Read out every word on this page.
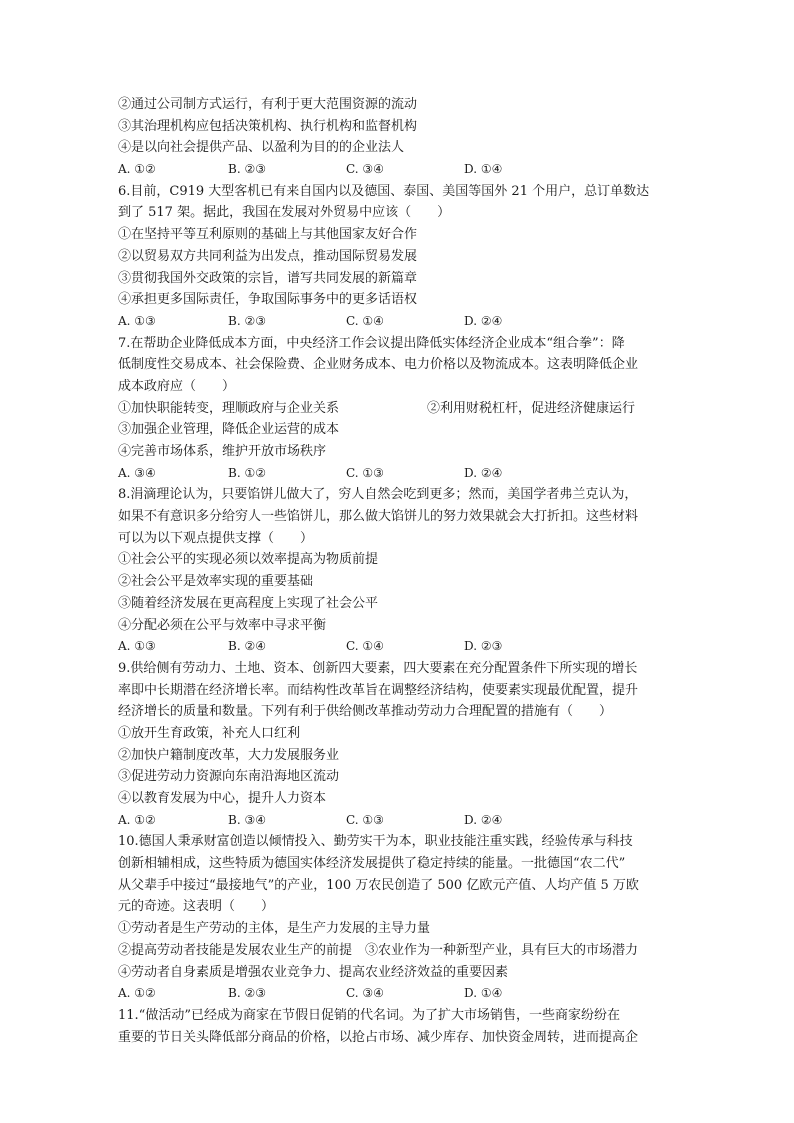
②通过公司制方式运行，有利于更大范围资源的流动
③其治理机构应包括决策机构、执行机构和监督机构
④是以向社会提供产品、以盈利为目的的企业法人
A. ①②	B. ②③	C. ③④	D. ①④
6.目前，C919 大型客机已有来自国内以及德国、泰国、美国等国外 21 个用户，总订单数达
到了 517 架。据此，我国在发展对外贸易中应该（　　）
①在坚持平等互利原则的基础上与其他国家友好合作
②以贸易双方共同利益为出发点，推动国际贸易发展
③贯彻我国外交政策的宗旨，谱写共同发展的新篇章
④承担更多国际责任，争取国际事务中的更多话语权
A. ①③	B. ②③	C. ①④	D. ②④
7.在帮助企业降低成本方面，中央经济工作会议提出降低实体经济企业成本“组合拳”：降
低制度性交易成本、社会保险费、企业财务成本、电力价格以及物流成本。这表明降低企业
成本政府应（　　）
①加快职能转变，理顺政府与企业关系	②利用财税杠杆，促进经济健康运行
③加强企业管理，降低企业运营的成本
④完善市场体系，维护开放市场秩序
A. ③④	B. ①②	C. ①③	D. ②④
8.涓滴理论认为，只要馅饼儿做大了，穷人自然会吃到更多；然而，美国学者弗兰克认为，
如果不有意识多分给穷人一些馅饼儿，那么做大馅饼儿的努力效果就会大打折扣。这些材料
可以为以下观点提供支撑（　　）
①社会公平的实现必须以效率提高为物质前提
②社会公平是效率实现的重要基础
③随着经济发展在更高程度上实现了社会公平
④分配必须在公平与效率中寻求平衡
A. ①③	B. ②④	C. ①④	D. ②③
9.供给侧有劳动力、土地、资本、创新四大要素，四大要素在充分配置条件下所实现的增长
率即中长期潜在经济增长率。而结构性改革旨在调整经济结构，使要素实现最优配置，提升
经济增长的质量和数量。下列有利于供给侧改革推动劳动力合理配置的措施有（　　）
①放开生育政策，补充人口红利
②加快户籍制度改革，大力发展服务业
③促进劳动力资源向东南沿海地区流动
④以教育发展为中心，提升人力资本
A. ①②	B. ③④	C. ①③	D. ②④
10.德国人秉承财富创造以倾情投入、勤劳实干为本，职业技能注重实践，经验传承与科技
创新相辅相成，这些特质为德国实体经济发展提供了稳定持续的能量。一批德国“农二代”
从父辈手中接过“最接地气”的产业，100 万农民创造了 500 亿欧元产值、人均产值 5 万欧
元的奇迹。这表明（　　）
①劳动者是生产劳动的主体，是生产力发展的主导力量
②提高劳动者技能是发展农业生产的前提　③农业作为一种新型产业，具有巨大的市场潜力
④劳动者自身素质是增强农业竞争力、提高农业经济效益的重要因素
A. ①②	B. ②③	C. ③④	D. ①④
11.“做活动”已经成为商家在节假日促销的代名词。为了扩大市场销售，一些商家纷纷在
重要的节日关头降低部分商品的价格，以抢占市场、减少库存、加快资金周转，进而提高企
